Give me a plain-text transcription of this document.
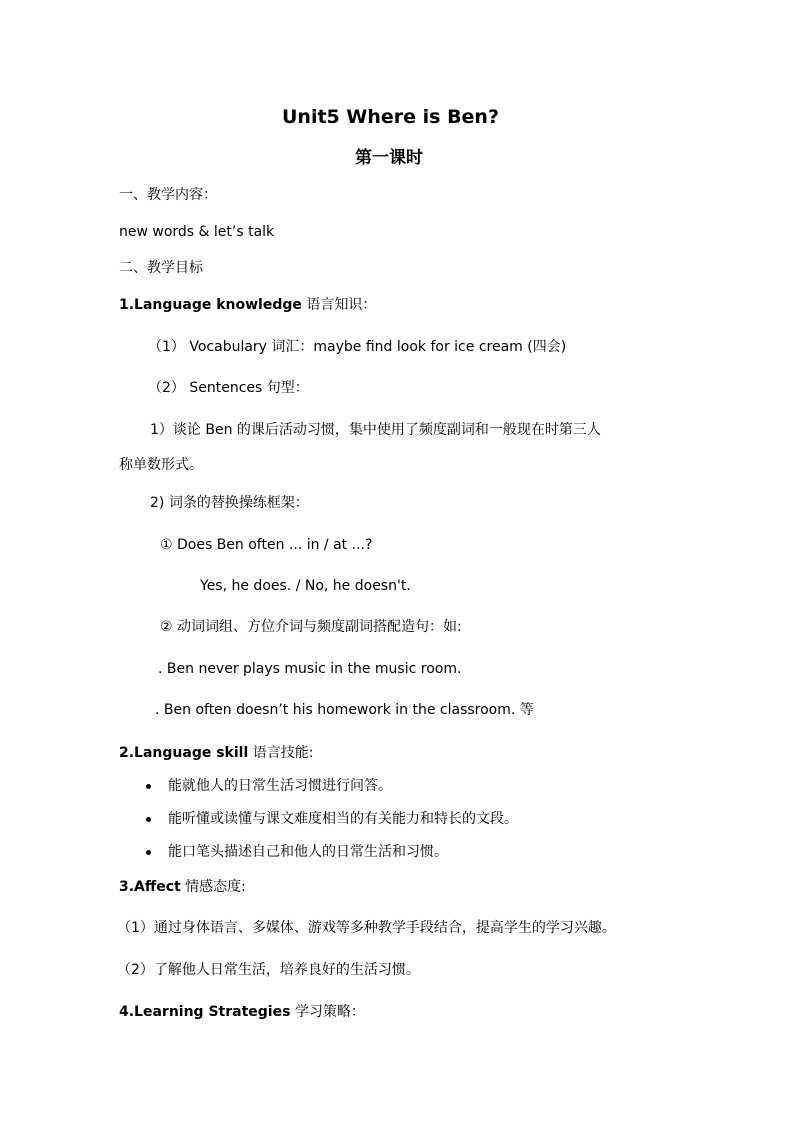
Unit5 Where is Ben?
第一课时
一、教学内容：
new words & let’s talk
二、教学目标
1.Language knowledge 语言知识：
（1） Vocabulary 词汇：maybe find look for ice cream (四会)
（2） Sentences 句型：
1）谈论 Ben 的课后活动习惯，集中使用了频度副词和一般现在时第三人
称单数形式。
2) 词条的替换操练框架：
① Does Ben often ... in / at ...?
Yes, he does. / No, he doesn't.
② 动词词组、方位介词与频度副词搭配造句：如:
. Ben never plays music in the music room.
. Ben often doesn’t his homework in the classroom. 等
2.Language skill 语言技能:
能就他人的日常生活习惯进行问答。
能听懂或读懂与课文难度相当的有关能力和特长的文段。
能口笔头描述自己和他人的日常生活和习惯。
3.Affect 情感态度:
（1）通过身体语言、多媒体、游戏等多种教学手段结合，提高学生的学习兴趣。
（2）了解他人日常生活，培养良好的生活习惯。
4.Learning Strategies 学习策略：
